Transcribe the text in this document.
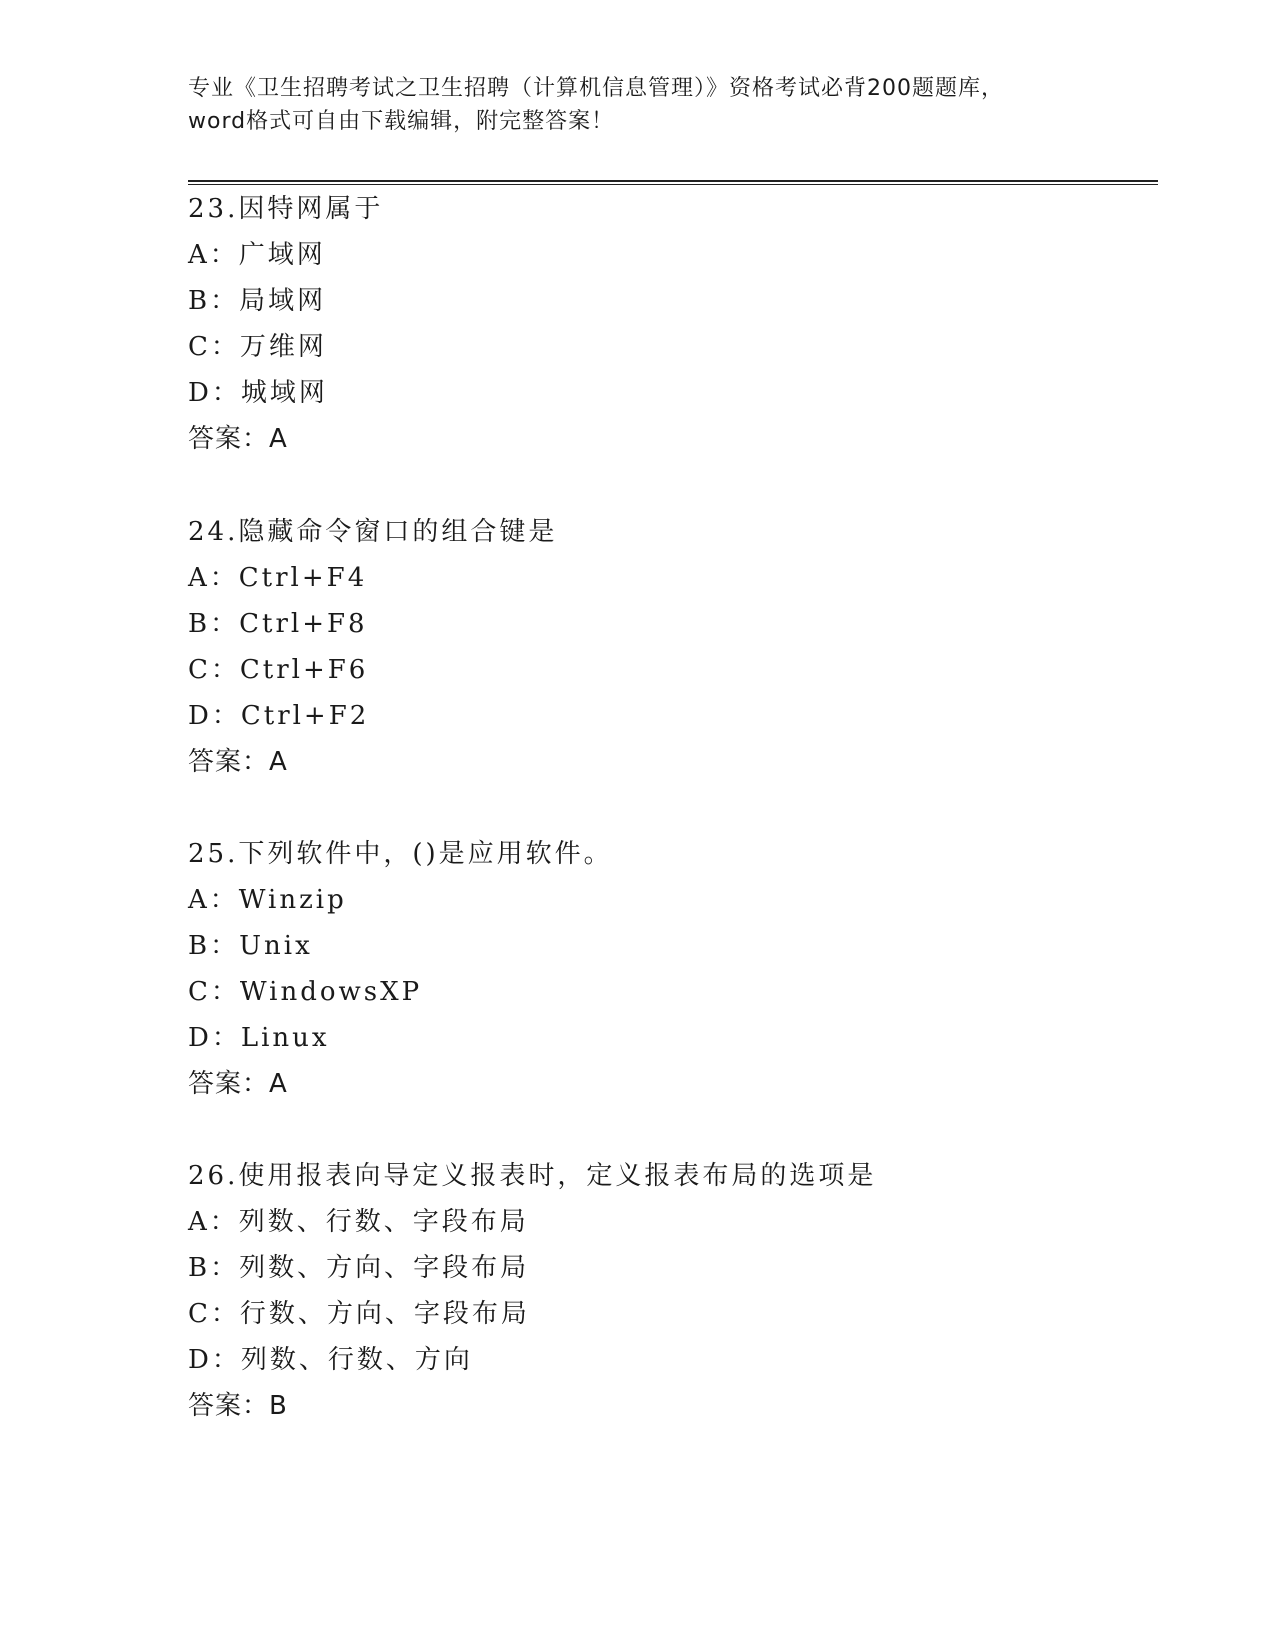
专业《卫生招聘考试之卫生招聘（计算机信息管理）》资格考试必背200题题库，
word格式可自由下载编辑，附完整答案！
23.因特网属于
A：广域网
B：局域网
C：万维网
D：城域网
答案：A
24.隐藏命令窗口的组合键是
A：Ctrl+F4
B：Ctrl+F8
C：Ctrl+F6
D：Ctrl+F2
答案：A
25.下列软件中，()是应用软件。
A：Winzip
B：Unix
C：WindowsXP
D：Linux
答案：A
26.使用报表向导定义报表时，定义报表布局的选项是
A：列数、行数、字段布局
B：列数、方向、字段布局
C：行数、方向、字段布局
D：列数、行数、方向
答案：B
